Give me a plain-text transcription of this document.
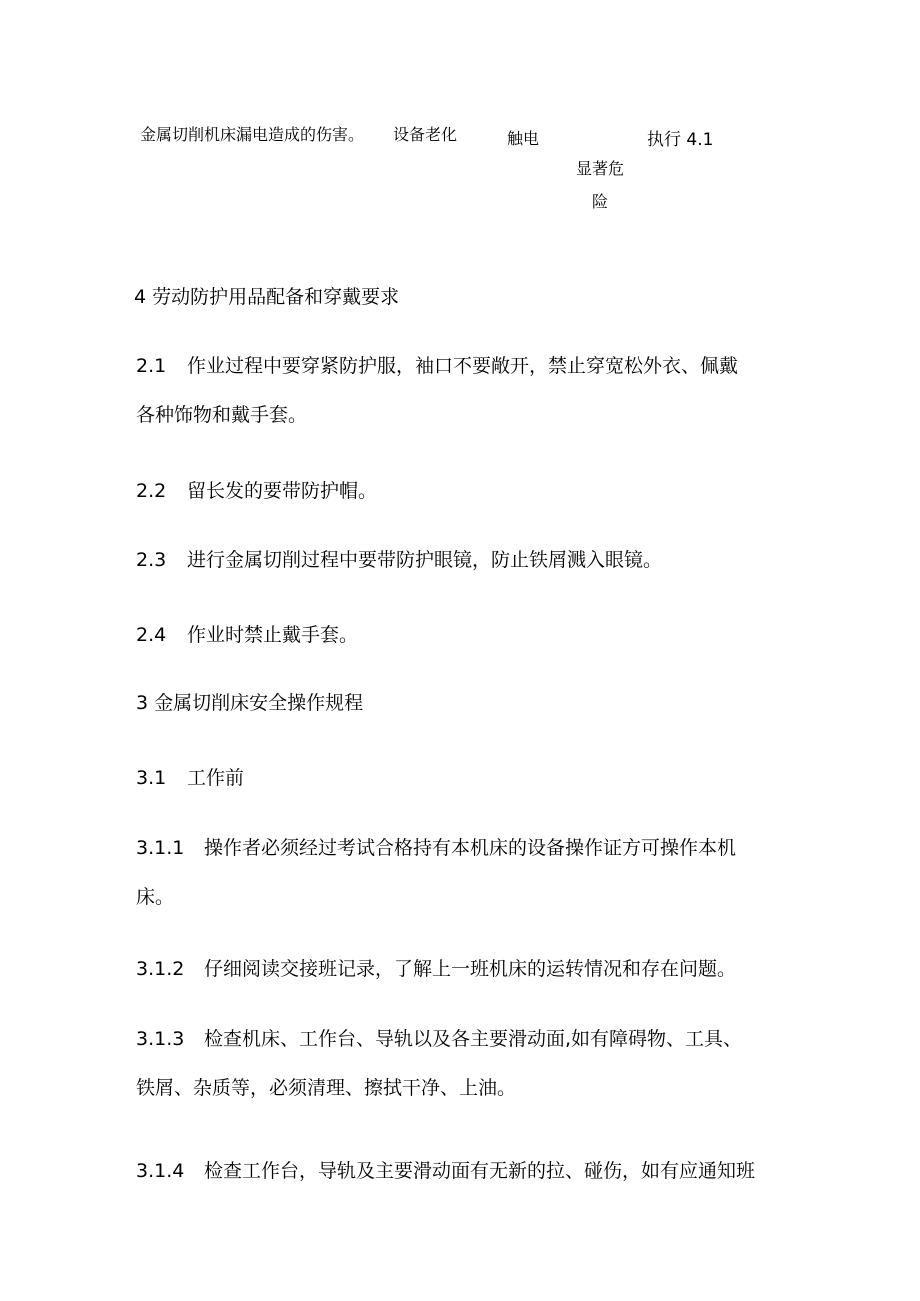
金属切削机床漏电造成的伤害。 设备老化	触电	执行 4.1
显著危
险
4 劳动防护用品配备和穿戴要求
2.1 作业过程中要穿紧防护服，袖口不要敞开，禁止穿宽松外衣、佩戴
各种饰物和戴手套。
2.2 留长发的要带防护帽。
2.3 进行金属切削过程中要带防护眼镜，防止铁屑溅入眼镜。
2.4 作业时禁止戴手套。
3 金属切削床安全操作规程
3.1 工作前
3.1.1 操作者必须经过考试合格持有本机床的设备操作证方可操作本机
床。
3.1.2 仔细阅读交接班记录，了解上一班机床的运转情况和存在问题。
3.1.3 检查机床、工作台、导轨以及各主要滑动面,如有障碍物、工具、
铁屑、杂质等，必须清理、擦拭干净、上油。
3.1.4 检查工作台，导轨及主要滑动面有无新的拉、碰伤，如有应通知班
